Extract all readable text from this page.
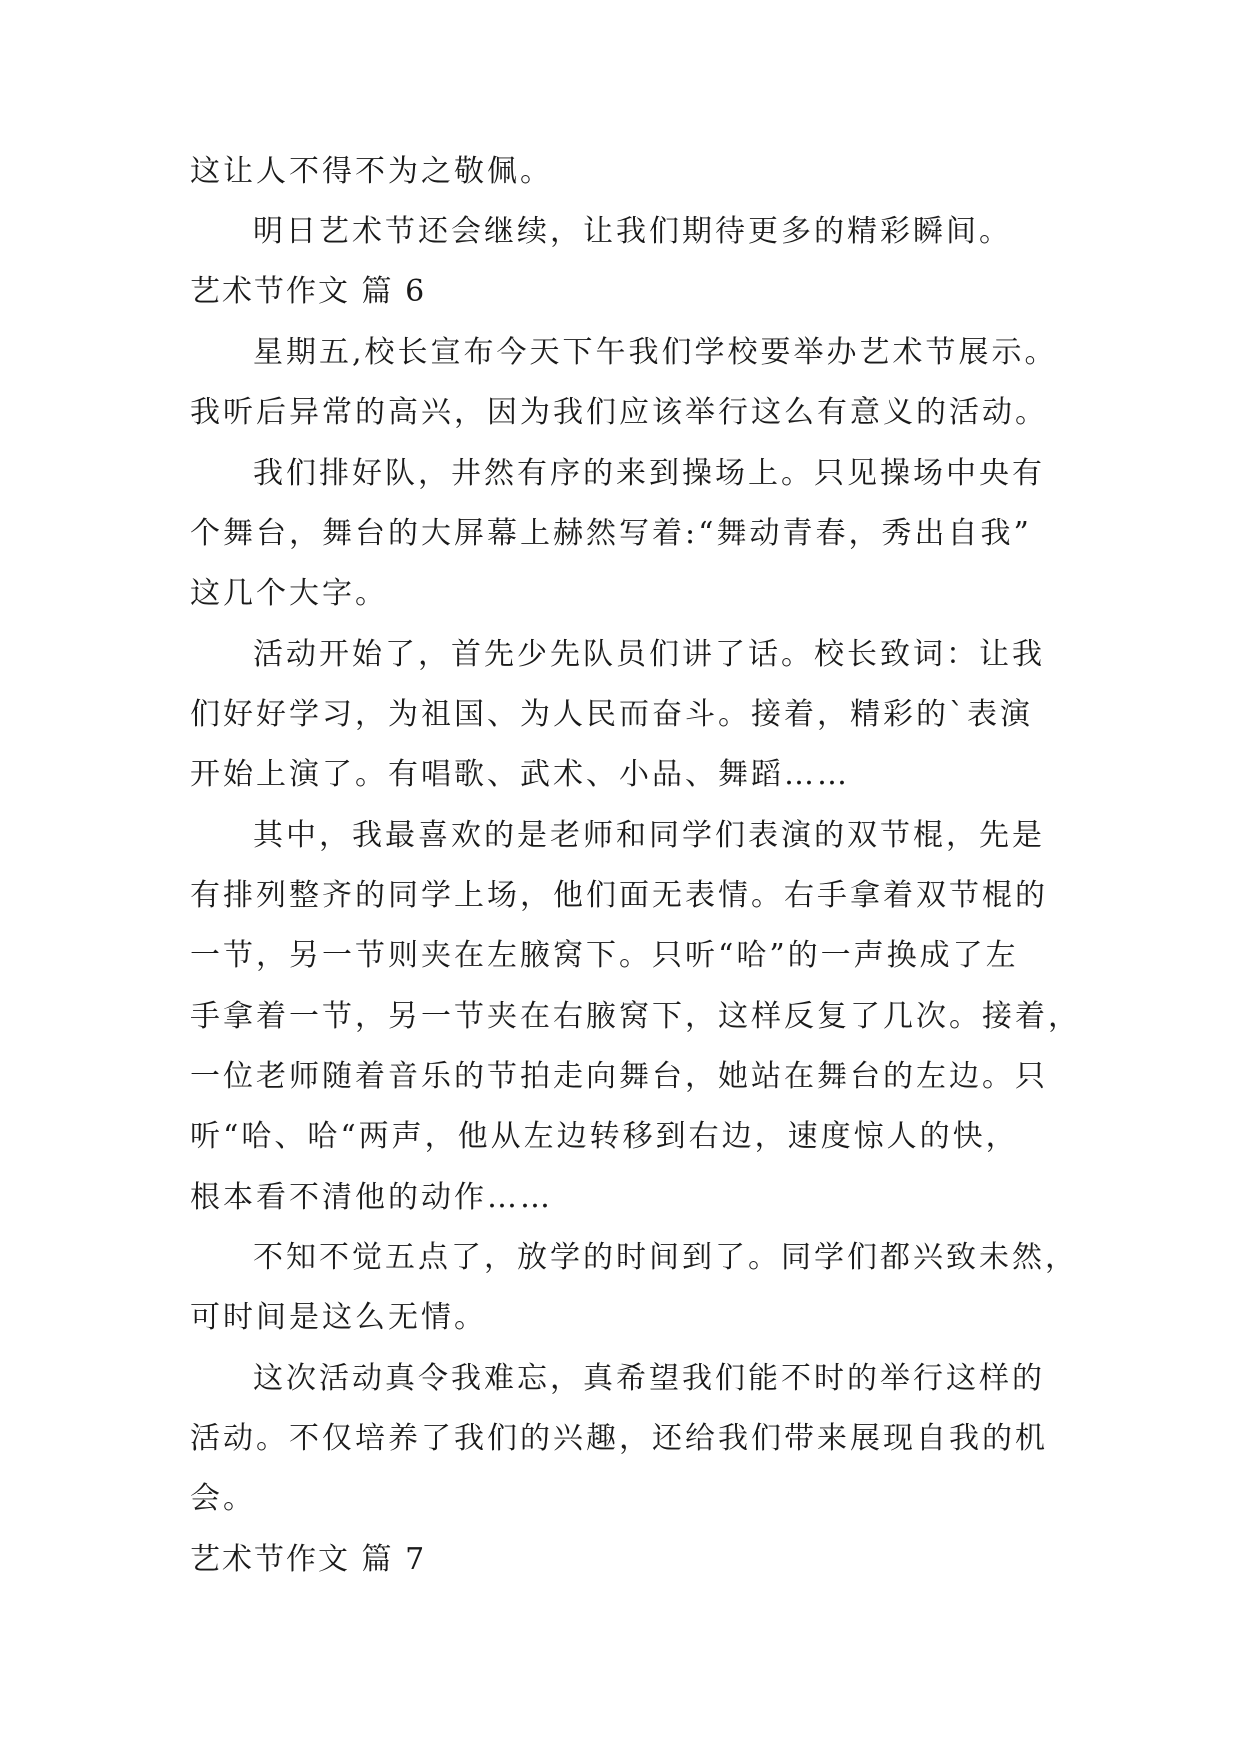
这让人不得不为之敬佩。
明日艺术节还会继续，让我们期待更多的精彩瞬间。
艺术节作文 篇 6
星期五,校长宣布今天下午我们学校要举办艺术节展示。
我听后异常的高兴，因为我们应该举行这么有意义的活动。
我们排好队，井然有序的来到操场上。只见操场中央有
个舞台，舞台的大屏幕上赫然写着:“舞动青春，秀出自我”
这几个大字。
活动开始了，首先少先队员们讲了话。校长致词：让我
们好好学习，为祖国、为人民而奋斗。接着，精彩的`表演
开始上演了。有唱歌、武术、小品、舞蹈……
其中，我最喜欢的是老师和同学们表演的双节棍，先是
有排列整齐的同学上场，他们面无表情。右手拿着双节棍的
一节，另一节则夹在左腋窝下。只听“哈”的一声换成了左
手拿着一节，另一节夹在右腋窝下，这样反复了几次。接着，
一位老师随着音乐的节拍走向舞台，她站在舞台的左边。只
听“哈、哈“两声，他从左边转移到右边，速度惊人的快，
根本看不清他的动作……
不知不觉五点了，放学的时间到了。同学们都兴致未然，
可时间是这么无情。
这次活动真令我难忘，真希望我们能不时的举行这样的
活动。不仅培养了我们的兴趣，还给我们带来展现自我的机
会。
艺术节作文 篇 7
